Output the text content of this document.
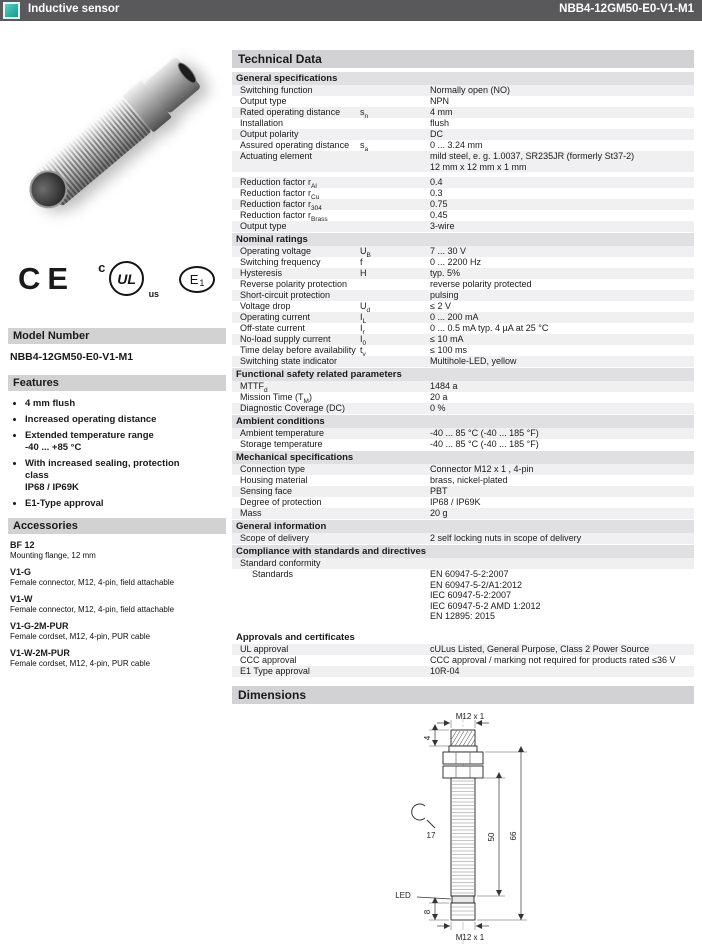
Inductive sensor	NBB4-12GM50-E0-V1-M1
CE c
UL
us
E 1
Model Number
NBB4-12GM50-E0-V1-M1
Features
• 4 mm flush
• Increased operating distance
• Extended temperature range
-40 ... +85 °C
• With increased sealing, protection
class
IP68 / IP69K
• E1-Type approval
Accessories
BF 12
Mounting flange, 12 mm
V1-G
Female connector, M12, 4-pin, field attachable
V1-W
Female connector, M12, 4-pin, field attachable
V1-G-2M-PUR
Female cordset, M12, 4-pin, PUR cable
V1-W-2M-PUR
Female cordset, M12, 4-pin, PUR cable
Technical Data
General specifications
Switching function	Normally open (NO)
Output type	NPN
Rated operating distance	$s_n$	4 mm
Installation	flush
Output polarity	DC
Assured operating distance	$s_a$	0 ... 3.24 mm
Actuating element	mild steel, e. g. 1.0037, SR235JR (formerly St37-2)
12 mm x 12 mm x 1 mm
Reduction factor $r_{Al}$	0.4
Reduction factor $r_{Cu}$	0.3
Reduction factor $r_{304}$	0.75
Reduction factor $r_{Brass}$	0.45
Output type	3-wire
Nominal ratings
Operating voltage	$U_B$	7 ... 30 V
Switching frequency	f	0 ... 2200 Hz
Hysteresis	H	typ. 5%
Reverse polarity protection	reverse polarity protected
Short-circuit protection	pulsing
Voltage drop	$U_d$	≤ 2 V
Operating current	$I_L$	0 ... 200 mA
Off-state current	$I_r$	0 ... 0.5 mA typ. 4 µA at 25 °C
No-load supply current	$I_0$	≤ 10 mA
Time delay before availability $t_v$	≤ 100 ms
Switching state indicator	Multihole-LED, yellow
Functional safety related parameters
$MTTF_d$	1484 a
Mission Time $(T_M)$	20 a
Diagnostic Coverage (DC)	0 %
Ambient conditions
Ambient temperature	-40 ... 85 °C (-40 ... 185 °F)
Storage temperature	-40 ... 85 °C (-40 ... 185 °F)
Mechanical specifications
Connection type	Connector M12 x 1 , 4-pin
Housing material	brass, nickel-plated
Sensing face	PBT
Degree of protection	IP68 / IP69K
Mass	20 g
General information
Scope of delivery	2 self locking nuts in scope of delivery
Compliance with standards and directives
Standard conformity
Standards	EN 60947-5-2:2007
EN 60947-5-2/A1:2012
IEC 60947-5-2:2007
IEC 60947-5-2 AMD 1:2012
EN 12895: 2015
Approvals and certificates
UL approval	cULus Listed, General Purpose, Class 2 Power Source
CCC approval	CCC approval / marking not required for products rated ≤36 V
E1 Type approval	10R-04
Dimensions
M12 x 1
4
17	50 66
LED
8
M12 x 1
